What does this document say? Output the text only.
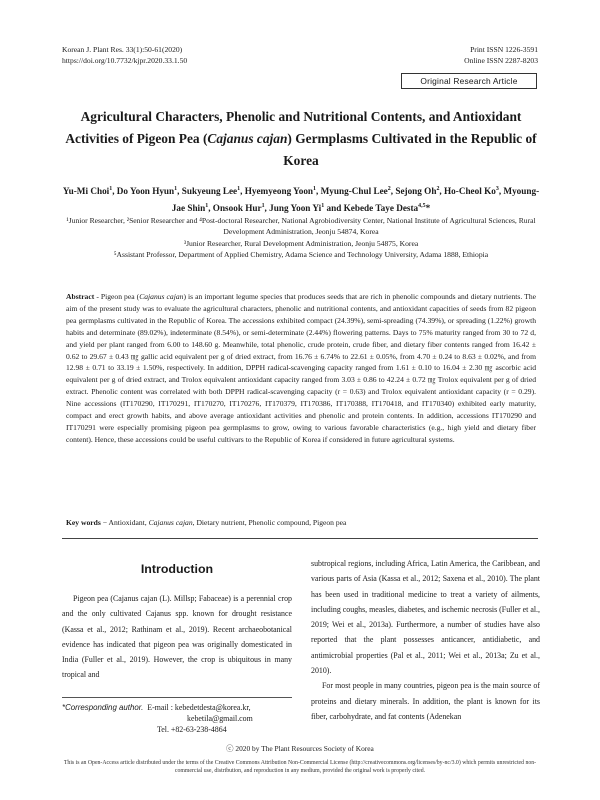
Korean J. Plant Res. 33(1):50-61(2020)
https://doi.org/10.7732/kjpr.2020.33.1.50
Print ISSN 1226-3591
Online ISSN 2287-8203
Original Research Article
Agricultural Characters, Phenolic and Nutritional Contents, and Antioxidant Activities of Pigeon Pea (Cajanus cajan) Germplasms Cultivated in the Republic of Korea
Yu-Mi Choi$^1$, Do Yoon Hyun$^1$, Sukyeung Lee$^1$, Hyemyeong Yoon$^1$, Myung-Chul Lee$^2$, Sejong Oh$^2$, Ho-Cheol Ko$^3$, Myoung-Jae Shin$^1$, Onsook Hur$^1$, Jung Yoon Yi$^1$ and Kebede Taye Desta$^{4,5}$*
¹Junior Researcher, ²Senior Researcher and ⁴Post-doctoral Researcher, National Agrobiodiversity Center, National Institute of Agricultural Sciences, Rural Development Administration, Jeonju 54874, Korea
³Junior Researcher, Rural Development Administration, Jeonju 54875, Korea
⁵Assistant Professor, Department of Applied Chemistry, Adama Science and Technology University, Adama 1888, Ethiopia
Abstract - Pigeon pea (Cajanus cajan) is an important legume species that produces seeds that are rich in phenolic compounds and dietary nutrients. The aim of the present study was to evaluate the agricultural characters, phenolic and nutritional contents, and antioxidant capacities of seeds from 82 pigeon pea germplasms cultivated in the Republic of Korea. The accessions exhibited compact (24.39%), semi-spreading (74.39%), or spreading (1.22%) growth habits and determinate (89.02%), indeterminate (8.54%), or semi-determinate (2.44%) flowering patterns. Days to 75% maturity ranged from 30 to 72 d, and yield per plant ranged from 6.00 to 148.60 g. Meanwhile, total phenolic, crude protein, crude fiber, and dietary fiber contents ranged from 16.42 ± 0.62 to 29.67 ± 0.43 ㎎ gallic acid equivalent per g of dried extract, from 16.76 ± 6.74% to 22.61 ± 0.05%, from 4.70 ± 0.24 to 8.63 ± 0.02%, and from 12.98 ± 0.71 to 33.19 ± 1.50%, respectively. In addition, DPPH radical-scavenging capacity ranged from 1.61 ± 0.10 to 16.04 ± 2.30 ㎎ ascorbic acid equivalent per g of dried extract, and Trolox equivalent antioxidant capacity ranged from 3.03 ± 0.86 to 42.24 ± 0.72 ㎎ Trolox equivalent per g of dried extract. Phenolic content was correlated with both DPPH radical-scavenging capacity (r = 0.63) and Trolox equivalent antioxidant capacity (r = 0.29). Nine accessions (IT170290, IT170291, IT170270, IT170276, IT170379, IT170386, IT170388, IT170418, and IT170340) exhibited early maturity, compact and erect growth habits, and above average antioxidant activities and phenolic and protein contents. In addition, accessions IT170290 and IT170291 were especially promising pigeon pea germplasms to grow, owing to various favorable characteristics (e.g., high yield and dietary fiber content). Hence, these accessions could be useful cultivars to the Republic of Korea if considered in future agricultural systems.
Key words − Antioxidant, Cajanus cajan, Dietary nutrient, Phenolic compound, Pigeon pea
Introduction

Pigeon pea (Cajanus cajan (L). Millsp; Fabaceae) is a perennial crop and the only cultivated Cajanus spp. known for drought resistance (Kassa et al., 2012; Rathinam et al., 2019). Recent archaeobotanical evidence has indicated that pigeon pea was originally domesticated in India (Fuller et al., 2019). However, the crop is ubiquitous in many tropical and

subtropical regions, including Africa, Latin America, the Caribbean, and various parts of Asia (Kassa et al., 2012; Saxena et al., 2010). The plant has been used in traditional medicine to treat a variety of ailments, including coughs, measles, diabetes, and ischemic necrosis (Fuller et al., 2019; Wei et al., 2013a). Furthermore, a number of studies have also reported that the plant possesses anticancer, antidiabetic, and antimicrobial properties (Pal et al., 2011; Wei et al., 2013a; Zu et al., 2010).

For most people in many countries, pigeon pea is the main source of proteins and dietary minerals. In addition, the plant is known for its fiber, carbohydrate, and fat contents (Adenekan

*Corresponding author. E-mail : kebedetdesta@korea.kr,
kebetila@gmail.com
Tel. +82-63-238-4864
ⓒ 2020 by The Plant Resources Society of Korea
This is an Open-Access article distributed under the terms of the Creative Commons Attribution Non-Commercial License (http://creativecommons.org/licenses/by-nc/3.0) which permits unrestricted non-commercial use, distribution, and reproduction in any medium, provided the original work is properly cited.
